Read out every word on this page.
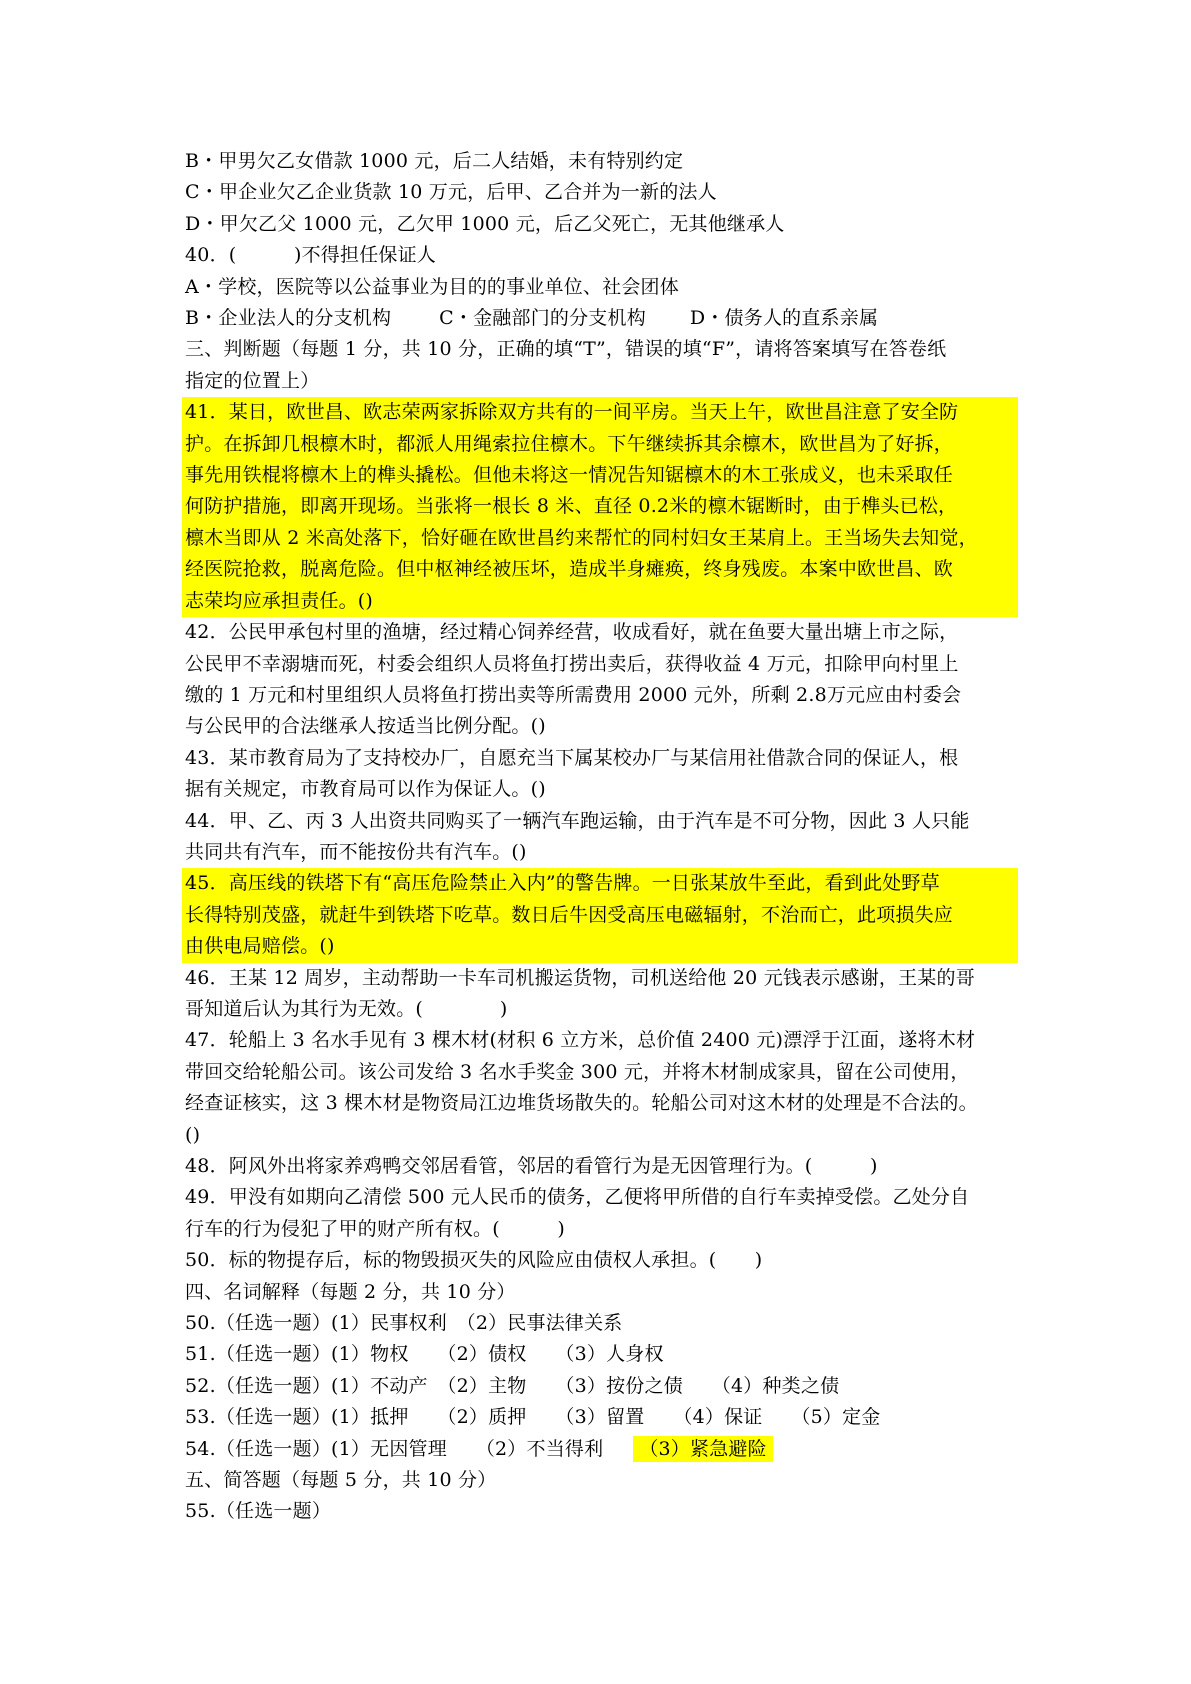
B・甲男欠乙女借款 1000 元，后二人结婚，未有特别约定
C・甲企业欠乙企业货款 10 万元，后甲、乙合并为一新的法人
D・甲欠乙父 1000 元，乙欠甲 1000 元，后乙父死亡，无其他继承人
40．(　　　)不得担任保证人
A・学校，医院等以公益事业为目的的事业单位、社会团体
B・企业法人的分支机构	C・金融部门的分支机构 D・债务人的直系亲属
三、判断题（每题 1 分，共 10 分，正确的填“T”，错误的填“F”，请将答案填写在答卷纸
指定的位置上）
41．某日，欧世昌、欧志荣两家拆除双方共有的一间平房。当天上午，欧世昌注意了安全防
护。在拆卸几根檩木时，都派人用绳索拉住檩木。下午继续拆其余檩木，欧世昌为了好拆，
事先用铁棍将檩木上的榫头撬松。但他未将这一情况告知锯檩木的木工张成义，也未采取任
何防护措施，即离开现场。当张将一根长 8 米、直径 0.2米的檩木锯断时，由于榫头已松，
檩木当即从 2 米高处落下，恰好砸在欧世昌约来帮忙的同村妇女王某肩上。王当场失去知觉，
经医院抢救，脱离危险。但中枢神经被压坏，造成半身瘫痪，终身残废。本案中欧世昌、欧
志荣均应承担责任。()
42．公民甲承包村里的渔塘，经过精心饲养经营，收成看好，就在鱼要大量出塘上市之际，
公民甲不幸溺塘而死，村委会组织人员将鱼打捞出卖后，获得收益 4 万元，扣除甲向村里上
缴的 1 万元和村里组织人员将鱼打捞出卖等所需费用 2000 元外，所剩 2.8万元应由村委会
与公民甲的合法继承人按适当比例分配。()
43．某市教育局为了支持校办厂，自愿充当下属某校办厂与某信用社借款合同的保证人，根
据有关规定，市教育局可以作为保证人。()
44．甲、乙、丙 3 人出资共同购买了一辆汽车跑运输，由于汽车是不可分物，因此 3 人只能
共同共有汽车，而不能按份共有汽车。()
45．高压线的铁塔下有“高压危险禁止入内”的警告牌。一日张某放牛至此，看到此处野草
长得特别茂盛，就赶牛到铁塔下吃草。数日后牛因受高压电磁辐射，不治而亡，此项损失应
由供电局赔偿。()
46．王某 12 周岁，主动帮助一卡车司机搬运货物，司机送给他 20 元钱表示感谢，王某的哥
哥知道后认为其行为无效。(　　　　)
47．轮船上 3 名水手见有 3 棵木材(材积 6 立方米，总价值 2400 元)漂浮于江面，遂将木材
带回交给轮船公司。该公司发给 3 名水手奖金 300 元，并将木材制成家具，留在公司使用，
经查证核实，这 3 棵木材是物资局江边堆货场散失的。轮船公司对这木材的处理是不合法的。
()
48．阿风外出将家养鸡鸭交邻居看管，邻居的看管行为是无因管理行为。(　　　)
49．甲没有如期向乙清偿 500 元人民币的债务，乙便将甲所借的自行车卖掉受偿。乙处分自
行车的行为侵犯了甲的财产所有权。(　　　)
50．标的物提存后，标的物毁损灭失的风险应由债权人承担。(　　)
四、名词解释（每题 2 分，共 10 分）
50.（任选一题）(1）民事权利　（2）民事法律关系
51.（任选一题）(1）物权　　（2）债权　　（3）人身权
52.（任选一题）(1）不动产　（2）主物　　（3）按份之债　　（4）种类之债
53.（任选一题）(1）抵押　　（2）质押　　（3）留置　　（4）保证　　（5）定金
54.（任选一题）(1）无因管理　　（2）不当得利 （3）紧急避险
五、简答题（每题 5 分，共 10 分）
55.（任选一题）
